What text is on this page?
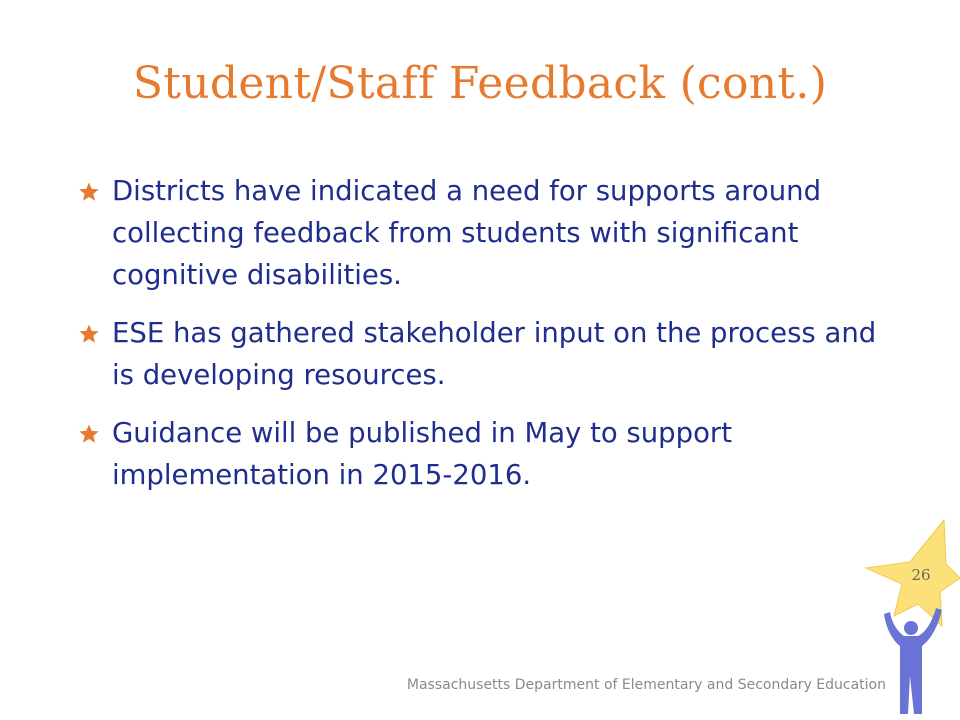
Student/Staff Feedback (cont.)
Districts have indicated a need for supports around collecting feedback from students with significant cognitive disabilities.
ESE has gathered stakeholder input on the process and is developing resources.
Guidance will be published in May to support implementation in 2015-2016.
Massachusetts Department of Elementary and Secondary Education
26
